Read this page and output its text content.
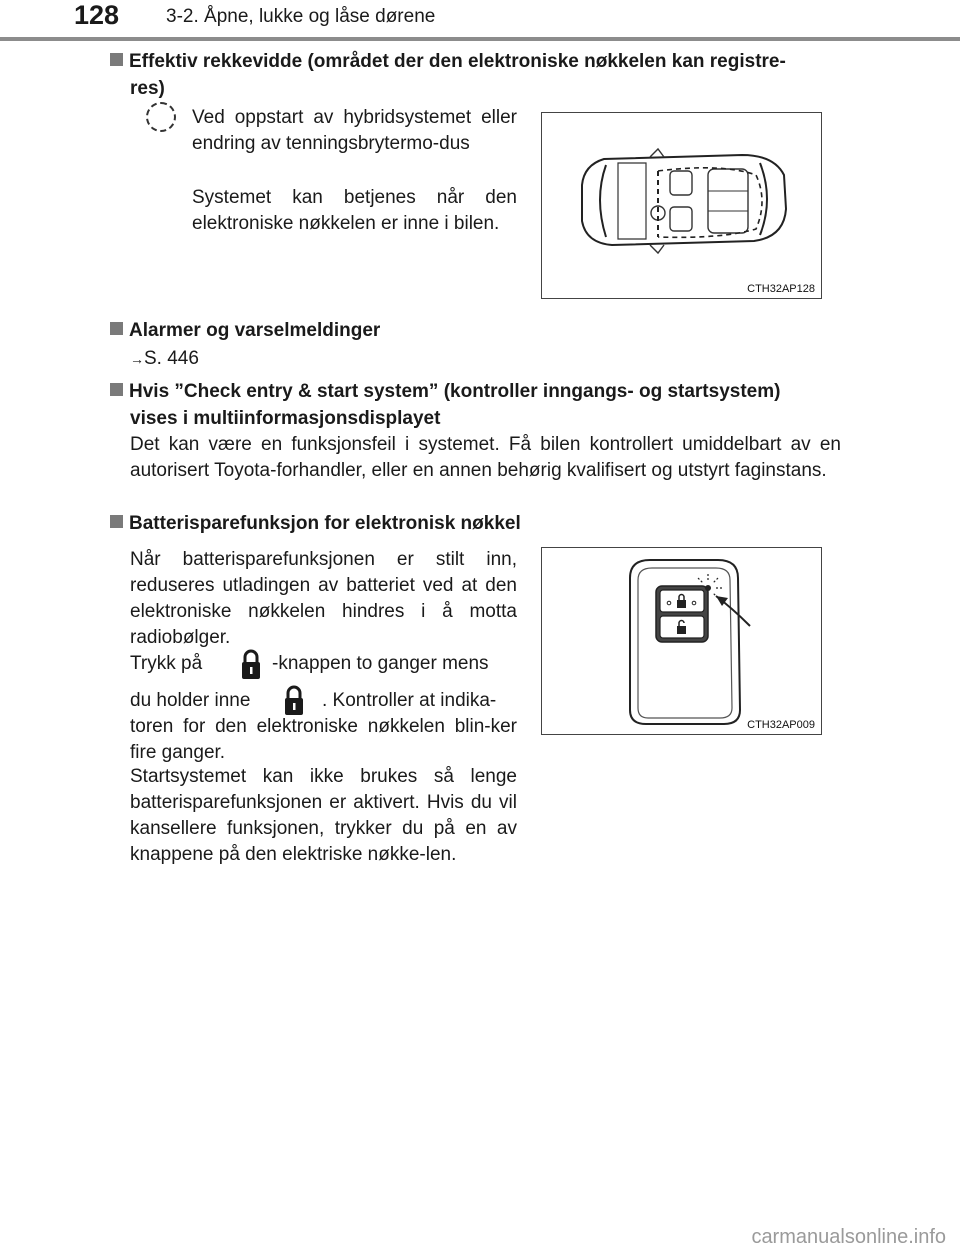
128 3-2. Åpne, lukke og låse dørene
Effektiv rekkevidde (området der den elektroniske nøkkelen kan registre-
res)
Ved oppstart av hybridsystemet eller endring av tenningsbrytermo-dus
Systemet kan betjenes når den elektroniske nøkkelen er inne i bilen.
CTH32AP128
Alarmer og varselmeldinger
→S. 446
Hvis ”Check entry & start system” (kontroller inngangs- og startsystem)
vises i multiinformasjonsdisplayet
Det kan være en funksjonsfeil i systemet. Få bilen kontrollert umiddelbart av en autorisert Toyota-forhandler, eller en annen behørig kvalifisert og utstyrt faginstans.
Batterisparefunksjon for elektronisk nøkkel
Når batterisparefunksjonen er stilt inn, reduseres utladingen av batteriet ved at den elektroniske nøkkelen hindres i å motta radiobølger.
Trykk på	-knappen to ganger mens
du holder inne	. Kontroller at indika-
toren for den elektroniske nøkkelen blin-ker fire ganger.
Startsystemet kan ikke brukes så lenge batterisparefunksjonen er aktivert. Hvis du vil kansellere funksjonen, trykker du på en av knappene på den elektriske nøkke-len.
CTH32AP009
carmanualsonline.info
